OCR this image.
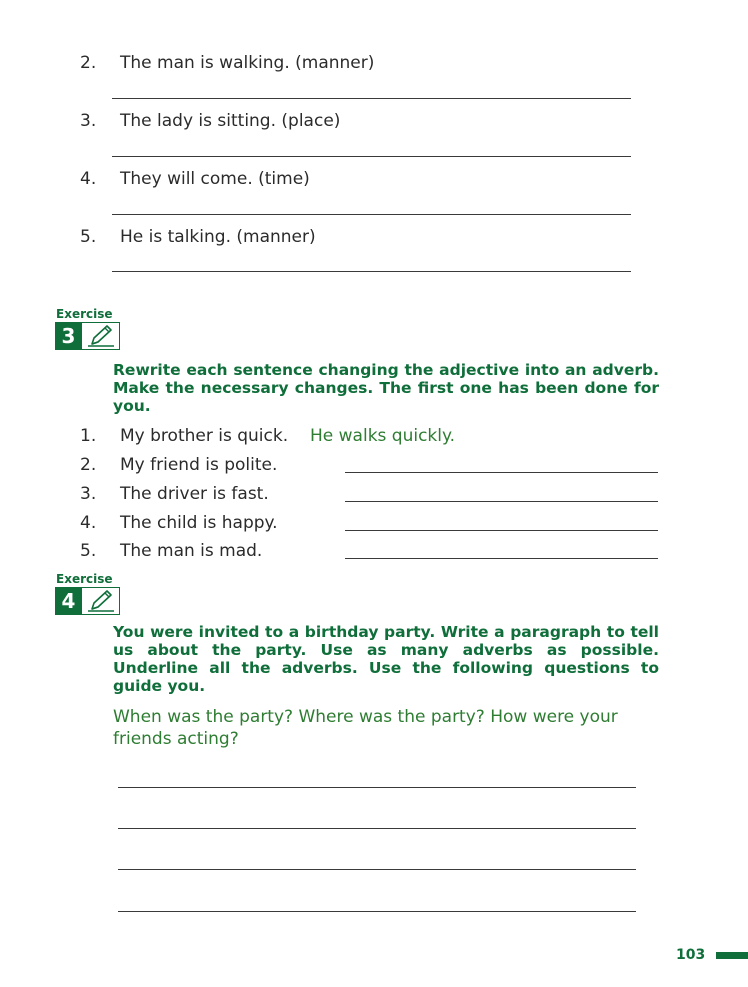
2. The man is walking. (manner)
3. The lady is sitting. (place)
4. They will come. (time)
5. He is talking. (manner)
Exercise
3
Rewrite each sentence changing the adjective into an adverb. Make the necessary changes. The first one has been done for you.
1. My brother is quick. He walks quickly.
2. My friend is polite.
3. The driver is fast.
4. The child is happy.
5. The man is mad.
Exercise
4
You were invited to a birthday party. Write a paragraph to tell us about the party. Use as many adverbs as possible. Underline all the adverbs. Use the following questions to guide you.
When was the party? Where was the party? How were your friends acting?
103
